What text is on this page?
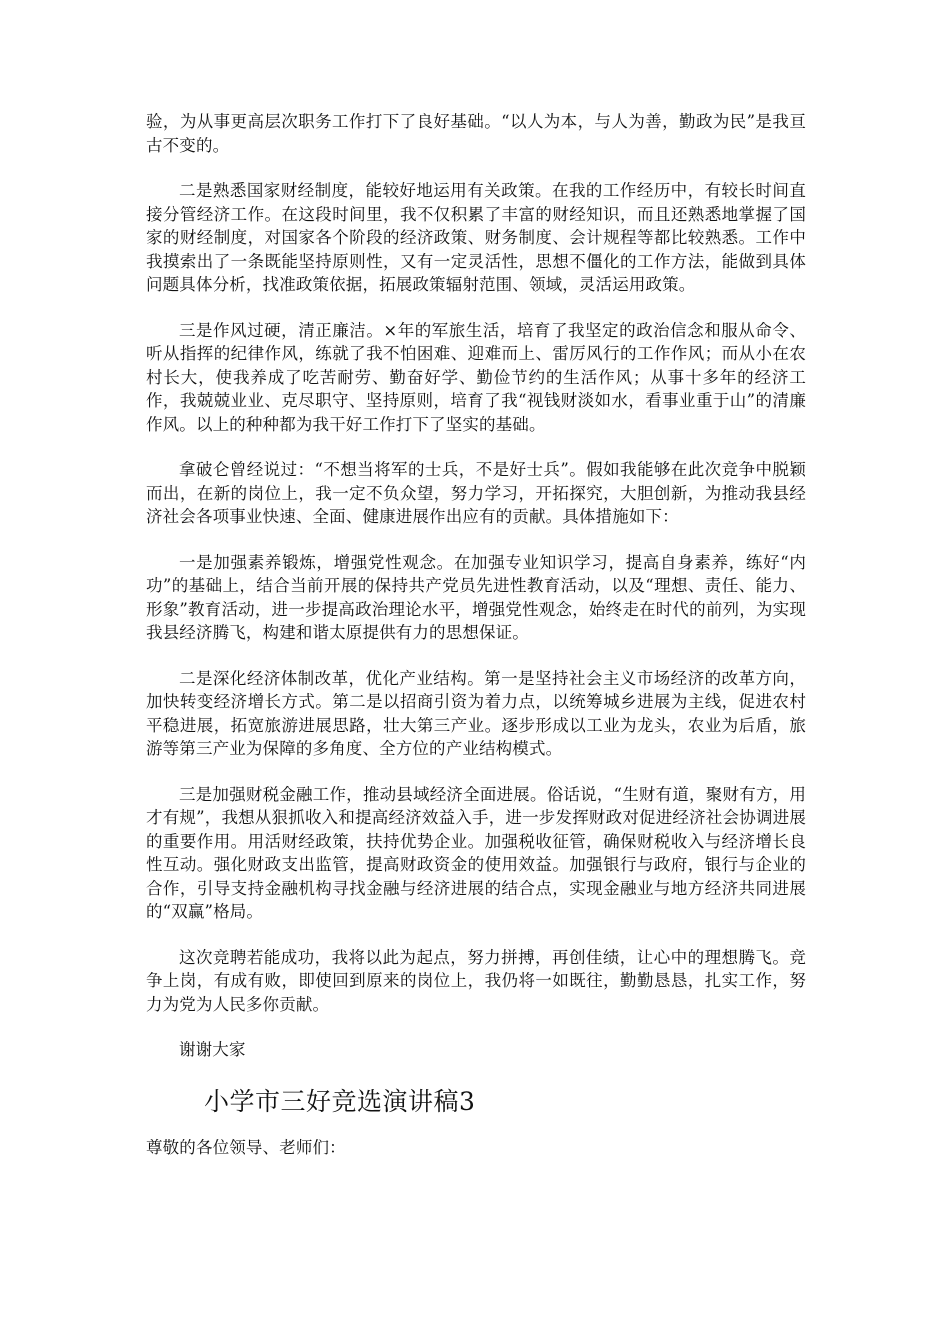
验，为从事更高层次职务工作打下了良好基础。“以人为本，与人为善，勤政为民”是我亘古不变的。

二是熟悉国家财经制度，能较好地运用有关政策。在我的工作经历中，有较长时间直接分管经济工作。在这段时间里，我不仅积累了丰富的财经知识，而且还熟悉地掌握了国家的财经制度，对国家各个阶段的经济政策、财务制度、会计规程等都比较熟悉。工作中我摸索出了一条既能坚持原则性，又有一定灵活性，思想不僵化的工作方法，能做到具体问题具体分析，找准政策依据，拓展政策辐射范围、领域，灵活运用政策。

三是作风过硬，清正廉洁。×年的军旅生活，培育了我坚定的政治信念和服从命令、听从指挥的纪律作风，练就了我不怕困难、迎难而上、雷厉风行的工作作风；而从小在农村长大，使我养成了吃苦耐劳、勤奋好学、勤俭节约的生活作风；从事十多年的经济工作，我兢兢业业、克尽职守、坚持原则，培育了我“视钱财淡如水，看事业重于山”的清廉作风。以上的种种都为我干好工作打下了坚实的基础。

拿破仑曾经说过：“不想当将军的士兵，不是好士兵”。假如我能够在此次竞争中脱颖而出，在新的岗位上，我一定不负众望，努力学习，开拓探究，大胆创新，为推动我县经济社会各项事业快速、全面、健康进展作出应有的贡献。具体措施如下：

一是加强素养锻炼，增强党性观念。在加强专业知识学习，提高自身素养，练好“内功”的基础上，结合当前开展的保持共产党员先进性教育活动，以及“理想、责任、能力、形象”教育活动，进一步提高政治理论水平，增强党性观念，始终走在时代的前列，为实现我县经济腾飞，构建和谐太原提供有力的思想保证。

二是深化经济体制改革，优化产业结构。第一是坚持社会主义市场经济的改革方向，加快转变经济增长方式。第二是以招商引资为着力点，以统筹城乡进展为主线，促进农村平稳进展，拓宽旅游进展思路，壮大第三产业。逐步形成以工业为龙头，农业为后盾，旅游等第三产业为保障的多角度、全方位的产业结构模式。

三是加强财税金融工作，推动县域经济全面进展。俗话说，“生财有道，聚财有方，用才有规”，我想从狠抓收入和提高经济效益入手，进一步发挥财政对促进经济社会协调进展的重要作用。用活财经政策，扶持优势企业。加强税收征管，确保财税收入与经济增长良性互动。强化财政支出监管，提高财政资金的使用效益。加强银行与政府，银行与企业的合作，引导支持金融机构寻找金融与经济进展的结合点，实现金融业与地方经济共同进展的“双赢”格局。

这次竞聘若能成功，我将以此为起点，努力拼搏，再创佳绩，让心中的理想腾飞。竞争上岗，有成有败，即使回到原来的岗位上，我仍将一如既往，勤勤恳恳，扎实工作，努力为党为人民多你贡献。

谢谢大家

小学市三好竞选演讲稿3

尊敬的各位领导、老师们：
